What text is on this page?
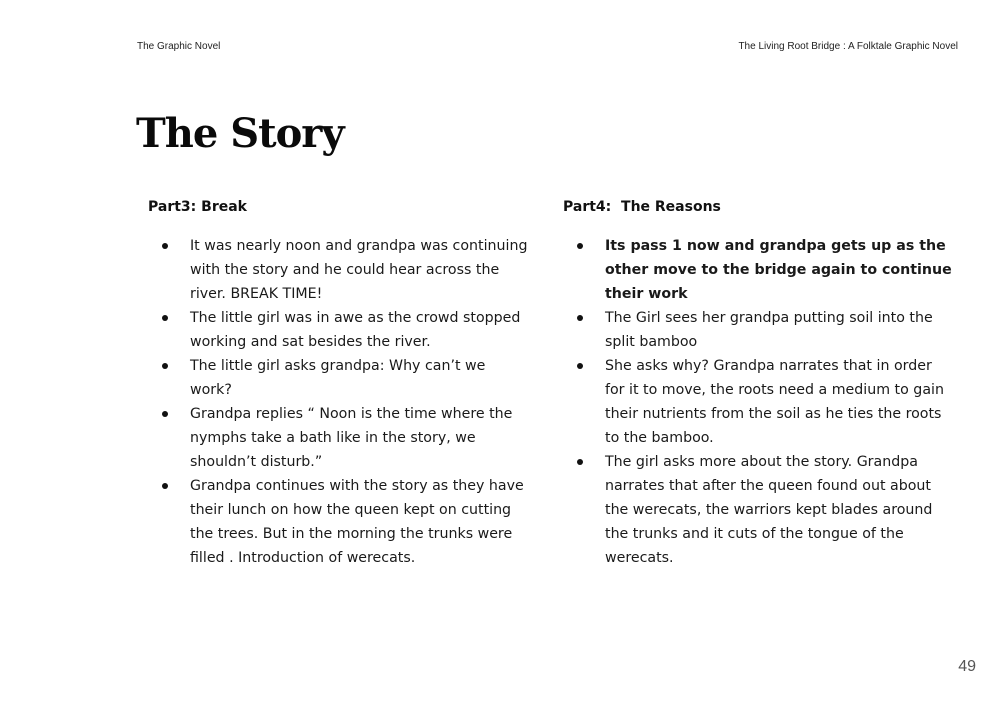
The Graphic Novel	The Living Root Bridge : A Folktale Graphic Novel
The Story
Part3: Break
It was nearly noon and grandpa was continuing with the story and he could hear across the river. BREAK TIME!
The little girl was in awe as the crowd stopped working and sat besides the river.
The little girl asks grandpa: Why can’t we work?
Grandpa replies “ Noon is the time where the nymphs take a bath like in the story, we shouldn’t disturb.”
Grandpa continues with the story as they have their lunch on how the queen kept on cutting the trees. But in the morning the trunks were filled . Introduction of werecats.
Part4:  The Reasons
Its pass 1 now and grandpa gets up as the other move to the bridge again to continue their work
The Girl sees her grandpa putting soil into the split bamboo
She asks why? Grandpa narrates that in order for it to move, the roots need a medium to gain their nutrients from the soil as he ties the roots to the bamboo.
The girl asks more about the story. Grandpa narrates that after the queen found out about the werecats, the warriors kept blades around the trunks and it cuts of the tongue of the werecats.
49
